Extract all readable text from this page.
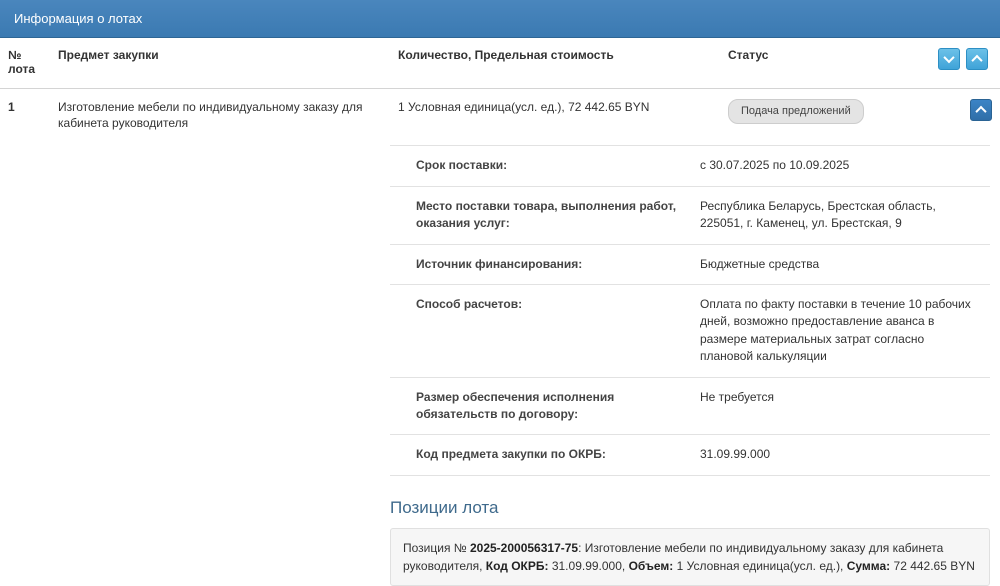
Информация о лотах
№
лота	Предмет закупки	Количество, Предельная стоимость	Статус

1	Изготовление мебели по индивидуальному заказу для кабинета руководителя	1 Условная единица(усл. ед.), 72 442.65 BYN	Подача предложений
Срок поставки:	с 30.07.2025 по 10.09.2025
Место поставки товара, выполнения работ, оказания услуг:	Республика Беларусь, Брестская область, 225051, г. Каменец, ул. Брестская, 9
Источник финансирования:	Бюджетные средства
Способ расчетов:	Оплата по факту поставки в течение 10 рабочих дней, возможно предоставление аванса в размере материальных затрат согласно плановой калькуляции
Размер обеспечения исполнения обязательств по договору:	Не требуется
Код предмета закупки по ОКРБ:	31.09.99.000
Позиции лота
Позиция № 2025-200056317-75: Изготовление мебели по индивидуальному заказу для кабинета руководителя, Код ОКРБ: 31.09.99.000, Объем: 1 Условная единица(усл. ед.), Сумма: 72 442.65 BYN
